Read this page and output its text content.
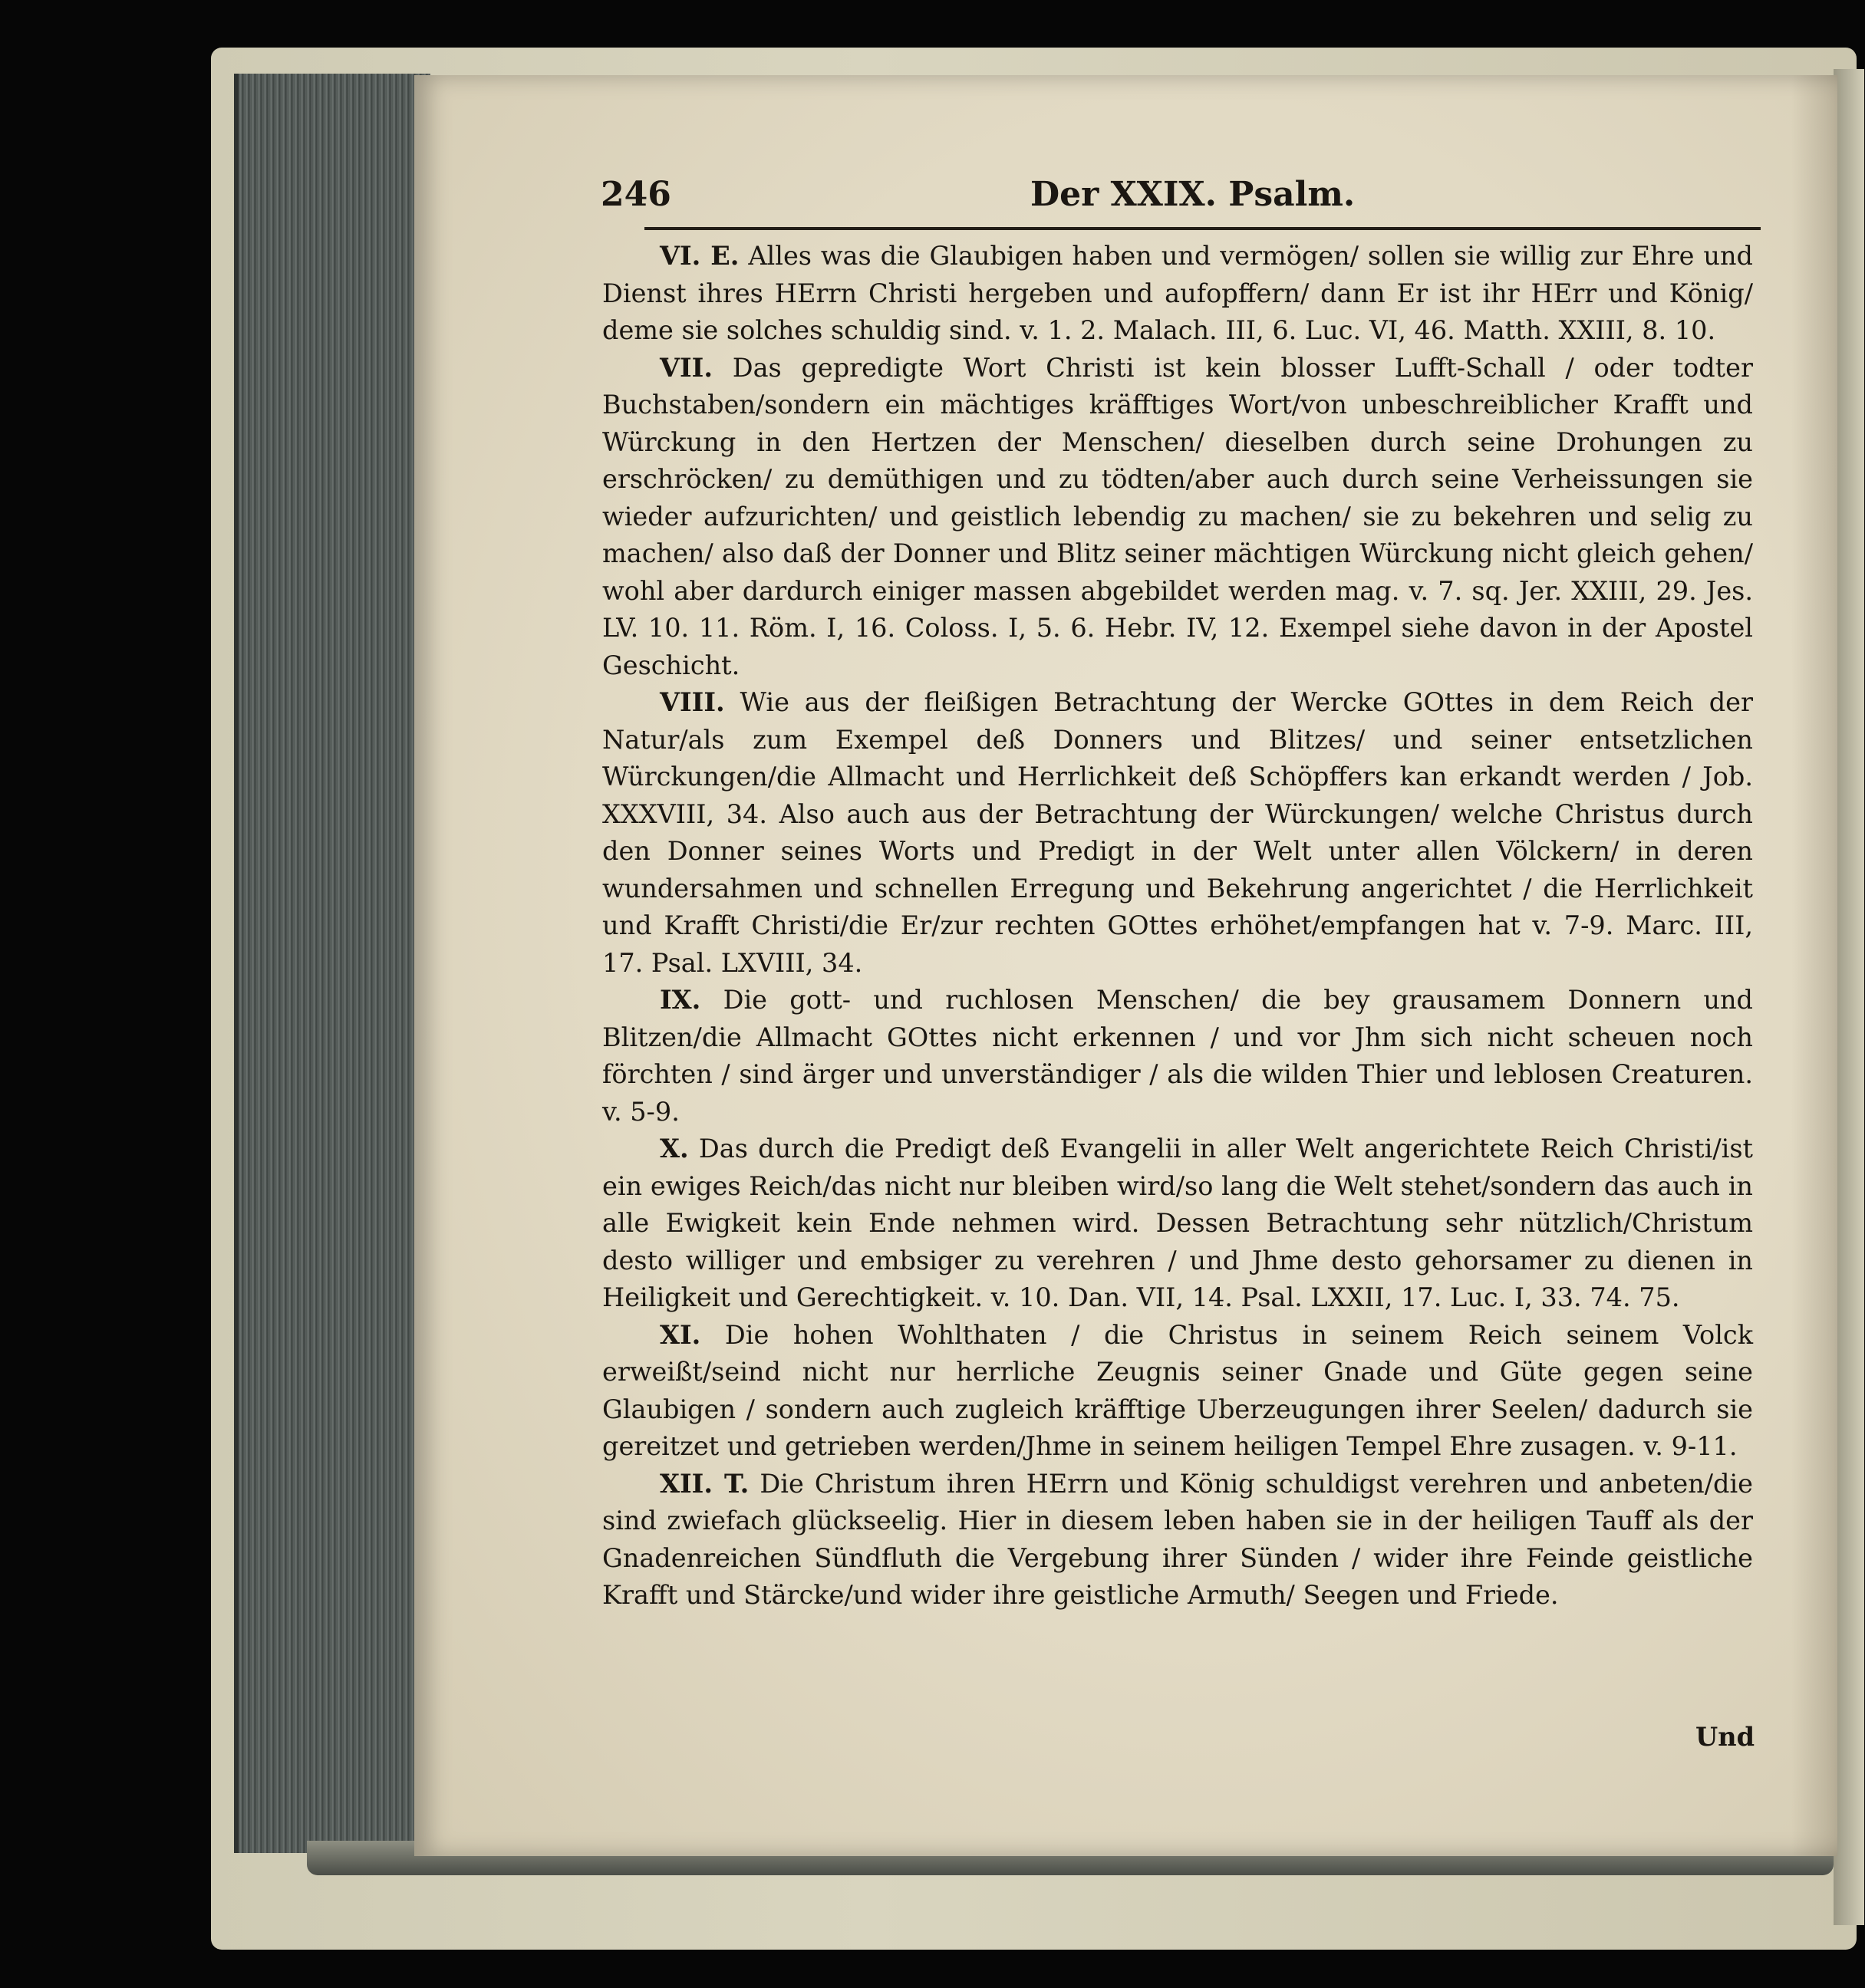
246	Der XXIX. Psalm.

VI. E. Alles was die Glaubigen haben und vermögen/ sollen sie willig zur Ehre und Dienst ihres HErrn Christi hergeben und aufopffern/ dann Er ist ihr HErr und König/ deme sie solches schuldig sind. v. 1. 2. Malach. III, 6. Luc. VI, 46. Matth. XXIII, 8. 10.

VII. Das gepredigte Wort Christi ist kein blosser Lufft-Schall / oder todter Buchstaben/sondern ein mächtiges kräfftiges Wort/von unbeschreiblicher Krafft und Würckung in den Hertzen der Menschen/ dieselben durch seine Drohungen zu erschröcken/ zu demüthigen und zu tödten/aber auch durch seine Verheissungen sie wieder aufzurichten/ und geistlich lebendig zu machen/ sie zu bekehren und selig zu machen/ also daß der Donner und Blitz seiner mächtigen Würckung nicht gleich gehen/ wohl aber dardurch einiger massen abgebildet werden mag. v. 7. sq. Jer. XXIII, 29. Jes. LV. 10. 11. Röm. I, 16. Coloss. I, 5. 6. Hebr. IV, 12. Exempel siehe davon in der Apostel Geschicht.

VIII. Wie aus der fleißigen Betrachtung der Wercke GOttes in dem Reich der Natur/als zum Exempel deß Donners und Blitzes/ und seiner entsetzlichen Würckungen/die Allmacht und Herrlichkeit deß Schöpffers kan erkandt werden / Job. XXXVIII, 34. Also auch aus der Betrachtung der Würckungen/ welche Christus durch den Donner seines Worts und Predigt in der Welt unter allen Völckern/ in deren wundersahmen und schnellen Erregung und Bekehrung angerichtet / die Herrlichkeit und Krafft Christi/die Er/zur rechten GOttes erhöhet/empfangen hat v. 7-9. Marc. III, 17. Psal. LXVIII, 34.

IX. Die gott- und ruchlosen Menschen/ die bey grausamem Donnern und Blitzen/die Allmacht GOttes nicht erkennen / und vor Jhm sich nicht scheuen noch förchten / sind ärger und unverständiger / als die wilden Thier und leblosen Creaturen. v. 5-9.

X. Das durch die Predigt deß Evangelii in aller Welt angerichtete Reich Christi/ist ein ewiges Reich/das nicht nur bleiben wird/so lang die Welt stehet/sondern das auch in alle Ewigkeit kein Ende nehmen wird. Dessen Betrachtung sehr nützlich/Christum desto williger und embsiger zu verehren / und Jhme desto gehorsamer zu dienen in Heiligkeit und Gerechtigkeit. v. 10. Dan. VII, 14. Psal. LXXII, 17. Luc. I, 33. 74. 75.

XI. Die hohen Wohlthaten / die Christus in seinem Reich seinem Volck erweißt/seind nicht nur herrliche Zeugnis seiner Gnade und Güte gegen seine Glaubigen / sondern auch zugleich kräfftige Uberzeugungen ihrer Seelen/ dadurch sie gereitzet und getrieben werden/Jhme in seinem heiligen Tempel Ehre zusagen. v. 9-11.

XII. T. Die Christum ihren HErrn und König schuldigst verehren und anbeten/die sind zwiefach glückseelig. Hier in diesem leben haben sie in der heiligen Tauff als der Gnadenreichen Sündfluth die Vergebung ihrer Sünden / wider ihre Feinde geistliche Krafft und Stärcke/und wider ihre geistliche Armuth/ Seegen und Friede.

Und
